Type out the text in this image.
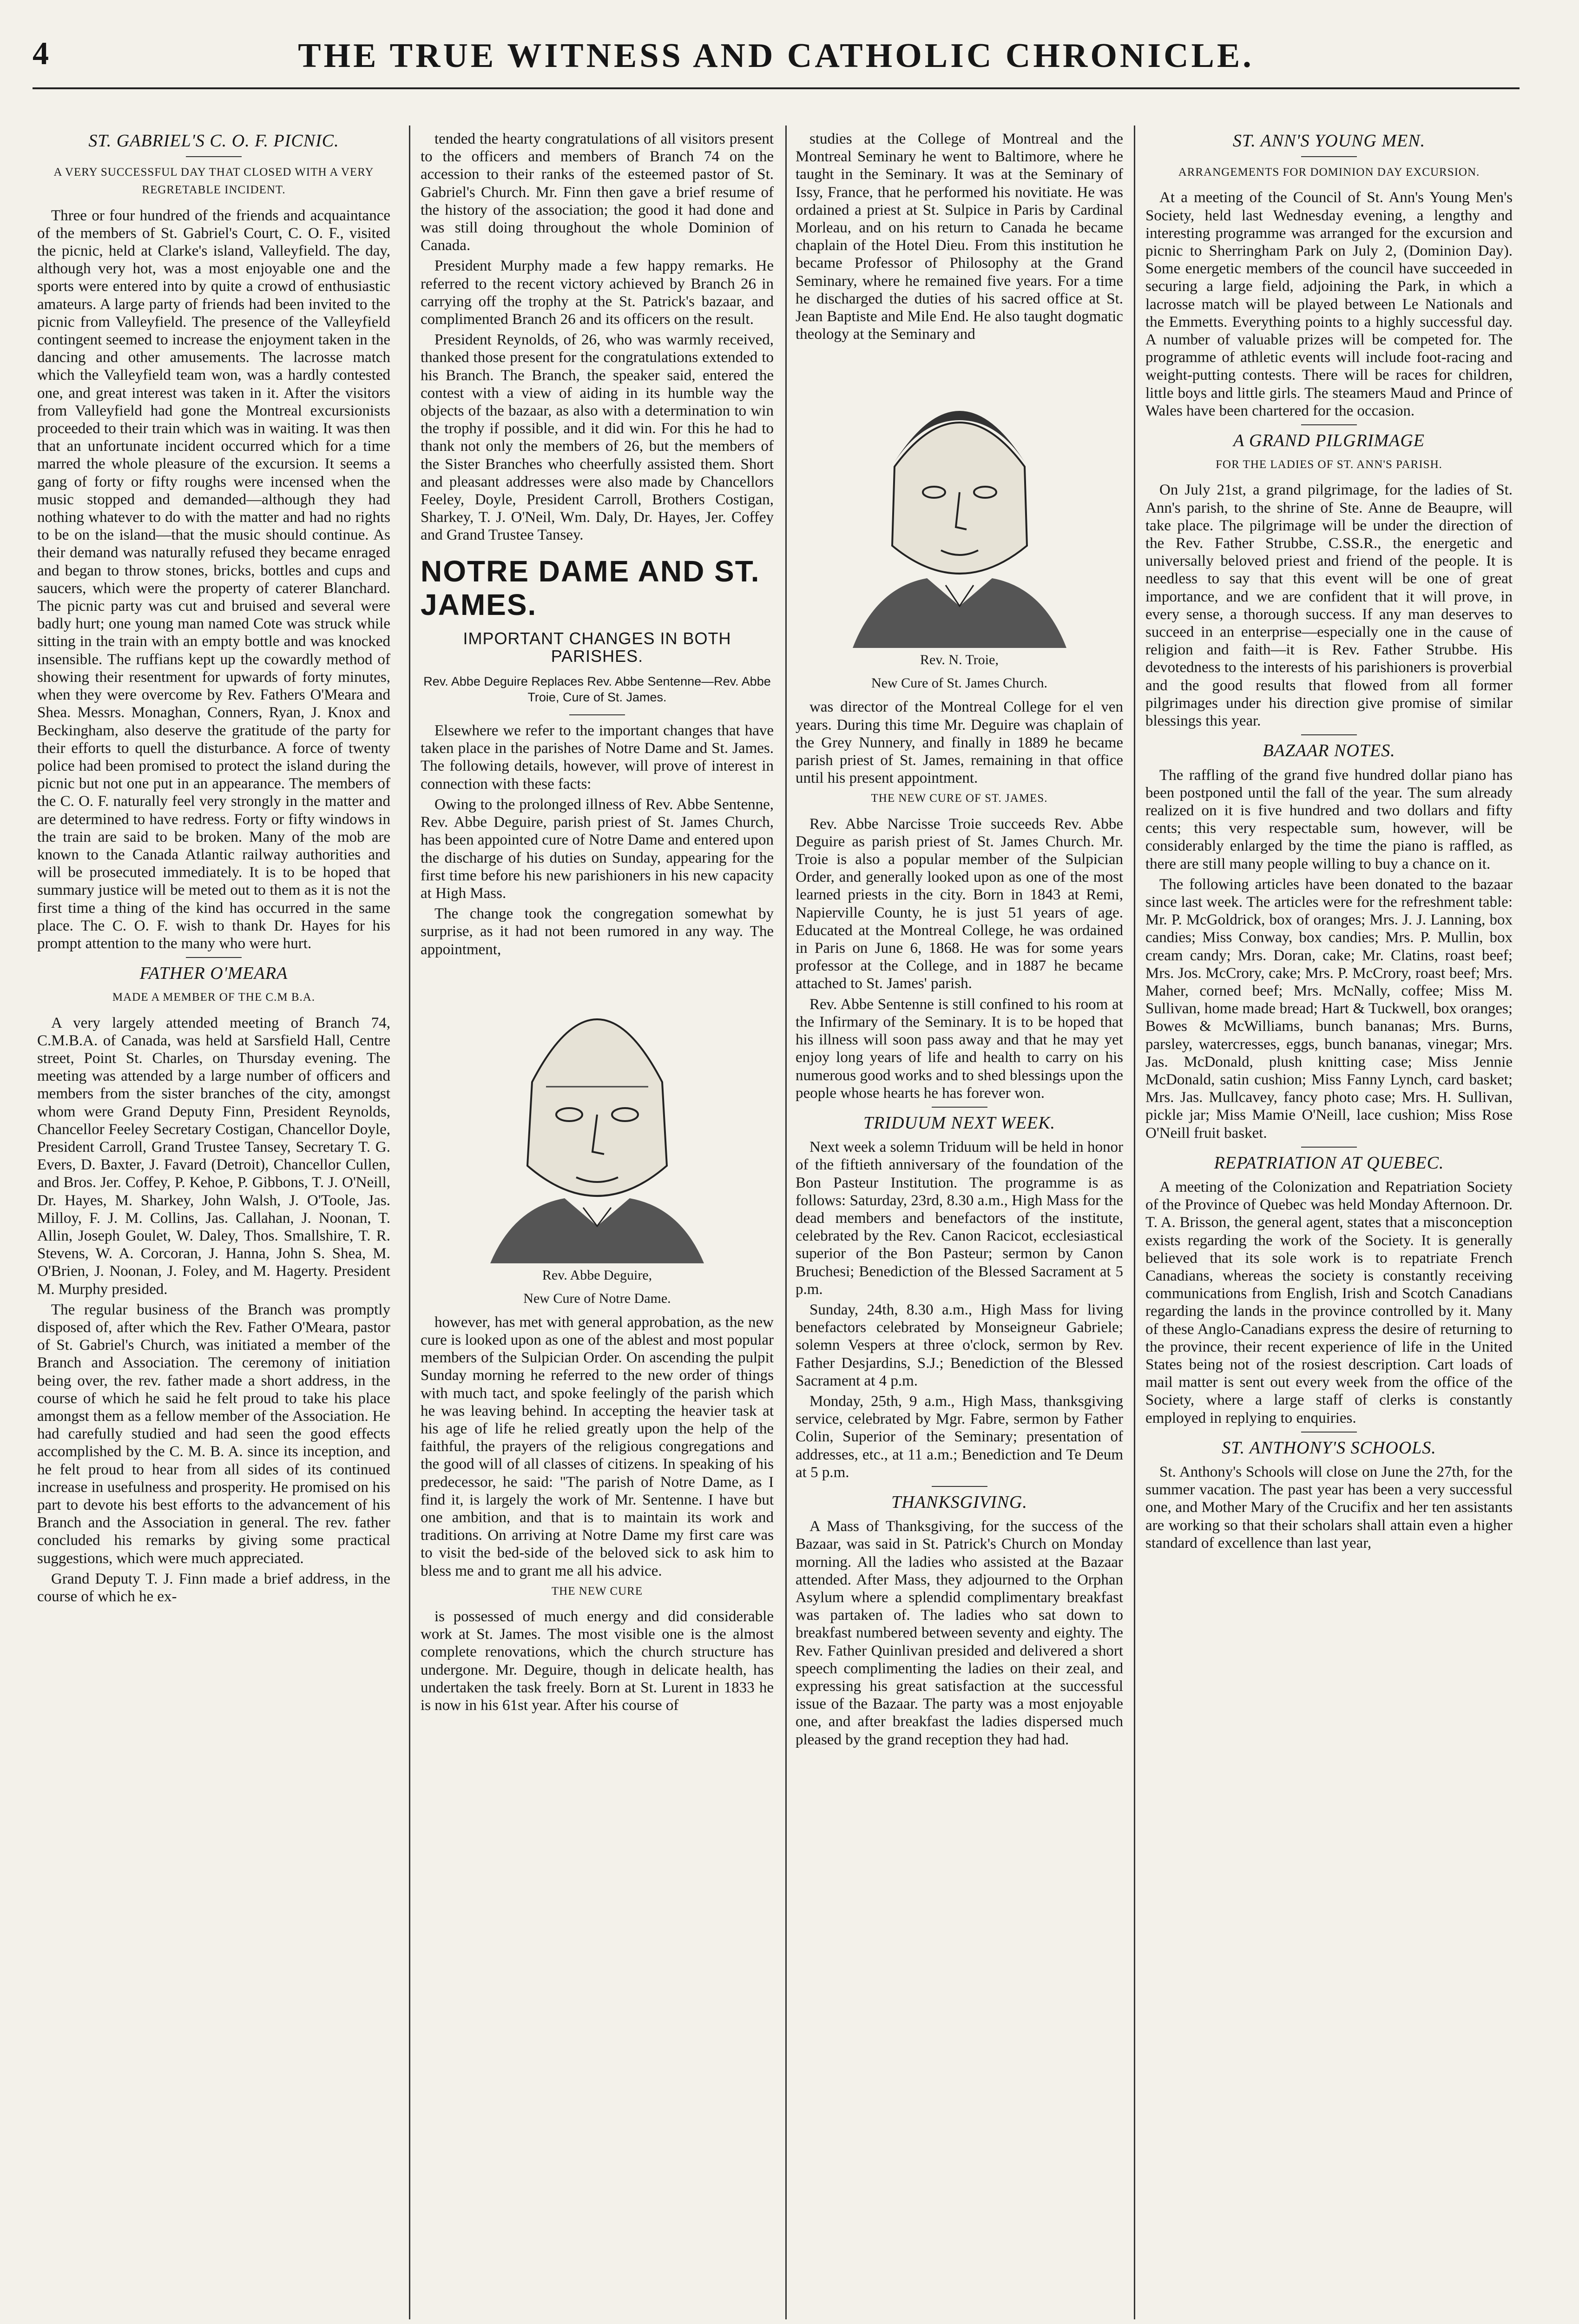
4	THE TRUE WITNESS AND CATHOLIC CHRONICLE.
ST. GABRIEL'S C. O. F. PICNIC.
A VERY SUCCESSFUL DAY THAT CLOSED WITH A VERY REGRETABLE INCIDENT.

Three or four hundred of the friends and acquaintance of the members of St. Gabriel's Court, C. O. F., visited the picnic, held at Clarke's island, Valleyfield. The day, although very hot, was a most enjoyable one and the sports were entered into by quite a crowd of enthusiastic amateurs. A large party of friends had been invited to the picnic from Valleyfield. The presence of the Valleyfield contingent seemed to increase the enjoyment taken in the dancing and other amusements. The lacrosse match which the Valleyfield team won, was a hardly contested one, and great interest was taken in it. After the visitors from Valleyfield had gone the Montreal excursionists proceeded to their train which was in waiting. It was then that an unfortunate incident occurred which for a time marred the whole pleasure of the excursion. It seems a gang of forty or fifty roughs were incensed when the music stopped and demanded—although they had nothing whatever to do with the matter and had no rights to be on the island—that the music should continue. As their demand was naturally refused they became enraged and began to throw stones, bricks, bottles and cups and saucers, which were the property of caterer Blanchard. The picnic party was cut and bruised and several were badly hurt; one young man named Cote was struck while sitting in the train with an empty bottle and was knocked insensible. The ruffians kept up the cowardly method of showing their resentment for upwards of forty minutes, when they were overcome by Rev. Fathers O'Meara and Shea. Messrs. Monaghan, Conners, Ryan, J. Knox and Beckingham, also deserve the gratitude of the party for their efforts to quell the disturbance. A force of twenty police had been promised to protect the island during the picnic but not one put in an appearance. The members of the C. O. F. naturally feel very strongly in the matter and are determined to have redress. Forty or fifty windows in the train are said to be broken. Many of the mob are known to the Canada Atlantic railway authorities and will be prosecuted immediately. It is to be hoped that summary justice will be meted out to them as it is not the first time a thing of the kind has occurred in the same place. The C. O. F. wish to thank Dr. Hayes for his prompt attention to the many who were hurt.

FATHER O'MEARA
MADE A MEMBER OF THE C.M B.A.

A very largely attended meeting of Branch 74, C.M.B.A. of Canada, was held at Sarsfield Hall, Centre street, Point St. Charles, on Thursday evening. The meeting was attended by a large number of officers and members from the sister branches of the city, amongst whom were Grand Deputy Finn, President Reynolds, Chancellor Feeley Secretary Costigan, Chancellor Doyle, President Carroll, Grand Trustee Tansey, Secretary T. G. Evers, D. Baxter, J. Favard (Detroit), Chancellor Cullen, and Bros. Jer. Coffey, P. Kehoe, P. Gibbons, T. J. O'Neill, Dr. Hayes, M. Sharkey, John Walsh, J. O'Toole, Jas. Milloy, F. J. M. Collins, Jas. Callahan, J. Noonan, T. Allin, Joseph Goulet, W. Daley, Thos. Smallshire, T. R. Stevens, W. A. Corcoran, J. Hanna, John S. Shea, M. O'Brien, J. Noonan, J. Foley, and M. Hagerty. President M. Murphy presided.

The regular business of the Branch was promptly disposed of, after which the Rev. Father O'Meara, pastor of St. Gabriel's Church, was initiated a member of the Branch and Association. The ceremony of initiation being over, the rev. father made a short address, in the course of which he said he felt proud to take his place amongst them as a fellow member of the Association. He had carefully studied and had seen the good effects accomplished by the C. M. B. A. since its inception, and he felt proud to hear from all sides of its continued increase in usefulness and prosperity. He promised on his part to devote his best efforts to the advancement of his Branch and the Association in general. The rev. father concluded his remarks by giving some practical suggestions, which were much appreciated.

Grand Deputy T. J. Finn made a brief address, in the course of which he ex-

tended the hearty congratulations of all visitors present to the officers and members of Branch 74 on the accession to their ranks of the esteemed pastor of St. Gabriel's Church. Mr. Finn then gave a brief resume of the history of the association; the good it had done and was still doing throughout the whole Dominion of Canada.

President Murphy made a few happy remarks. He referred to the recent victory achieved by Branch 26 in carrying off the trophy at the St. Patrick's bazaar, and complimented Branch 26 and its officers on the result.

President Reynolds, of 26, who was warmly received, thanked those present for the congratulations extended to his Branch. The Branch, the speaker said, entered the contest with a view of aiding in its humble way the objects of the bazaar, as also with a determination to win the trophy if possible, and it did win. For this he had to thank not only the members of 26, but the members of the Sister Branches who cheerfully assisted them. Short and pleasant addresses were also made by Chancellors Feeley, Doyle, President Carroll, Brothers Costigan, Sharkey, T. J. O'Neil, Wm. Daly, Dr. Hayes, Jer. Coffey and Grand Trustee Tansey.

NOTRE DAME AND ST. JAMES.
IMPORTANT CHANGES IN BOTH PARISHES.
Rev. Abbe Deguire Replaces Rev. Abbe Sentenne—Rev. Abbe Troie, Cure of St. James.

Elsewhere we refer to the important changes that have taken place in the parishes of Notre Dame and St. James. The following details, however, will prove of interest in connection with these facts:

Owing to the prolonged illness of Rev. Abbe Sentenne, Rev. Abbe Deguire, parish priest of St. James Church, has been appointed cure of Notre Dame and entered upon the discharge of his duties on Sunday, appearing for the first time before his new parishioners in his new capacity at High Mass.

The change took the congregation somewhat by surprise, as it had not been rumored in any way. The appointment,

Rev. Abbe Deguire,
New Cure of Notre Dame.

however, has met with general approbation, as the new cure is looked upon as one of the ablest and most popular members of the Sulpician Order. On ascending the pulpit Sunday morning he referred to the new order of things with much tact, and spoke feelingly of the parish which he was leaving behind. In accepting the heavier task at his age of life he relied greatly upon the help of the faithful, the prayers of the religious congregations and the good will of all classes of citizens. In speaking of his predecessor, he said: "The parish of Notre Dame, as I find it, is largely the work of Mr. Sentenne. I have but one ambition, and that is to maintain its work and traditions. On arriving at Notre Dame my first care was to visit the bed-side of the beloved sick to ask him to bless me and to grant me all his advice.

THE NEW CURE

is possessed of much energy and did considerable work at St. James. The most visible one is the almost complete renovations, which the church structure has undergone. Mr. Deguire, though in delicate health, has undertaken the task freely. Born at St. Lurent in 1833 he is now in his 61st year. After his course of

studies at the College of Montreal and the Montreal Seminary he went to Baltimore, where he taught in the Seminary. It was at the Seminary of Issy, France, that he performed his novitiate. He was ordained a priest at St. Sulpice in Paris by Cardinal Morleau, and on his return to Canada he became chaplain of the Hotel Dieu. From this institution he became Professor of Philosophy at the Grand Seminary, where he remained five years. For a time he discharged the duties of his sacred office at St. Jean Baptiste and Mile End. He also taught dogmatic theology at the Seminary and

Rev. N. Troie,
New Cure of St. James Church.

was director of the Montreal College for el ven years. During this time Mr. Deguire was chaplain of the Grey Nunnery, and finally in 1889 he became parish priest of St. James, remaining in that office until his present appointment.

THE NEW CURE OF ST. JAMES.

Rev. Abbe Narcisse Troie succeeds Rev. Abbe Deguire as parish priest of St. James Church. Mr. Troie is also a popular member of the Sulpician Order, and generally looked upon as one of the most learned priests in the city. Born in 1843 at Remi, Napierville County, he is just 51 years of age. Educated at the Montreal College, he was ordained in Paris on June 6, 1868. He was for some years professor at the College, and in 1887 he became attached to St. James' parish.

Rev. Abbe Sentenne is still confined to his room at the Infirmary of the Seminary. It is to be hoped that his illness will soon pass away and that he may yet enjoy long years of life and health to carry on his numerous good works and to shed blessings upon the people whose hearts he has forever won.

TRIDUUM NEXT WEEK.

Next week a solemn Triduum will be held in honor of the fiftieth anniversary of the foundation of the Bon Pasteur Institution. The programme is as follows: Saturday, 23rd, 8.30 a.m., High Mass for the dead members and benefactors of the institute, celebrated by the Rev. Canon Racicot, ecclesiastical superior of the Bon Pasteur; sermon by Canon Bruchesi; Benediction of the Blessed Sacrament at 5 p.m.

Sunday, 24th, 8.30 a.m., High Mass for living benefactors celebrated by Monseigneur Gabriele; solemn Vespers at three o'clock, sermon by Rev. Father Desjardins, S.J.; Benediction of the Blessed Sacrament at 4 p.m.

Monday, 25th, 9 a.m., High Mass, thanksgiving service, celebrated by Mgr. Fabre, sermon by Father Colin, Superior of the Seminary; presentation of addresses, etc., at 11 a.m.; Benediction and Te Deum at 5 p.m.

THANKSGIVING.

A Mass of Thanksgiving, for the success of the Bazaar, was said in St. Patrick's Church on Monday morning. All the ladies who assisted at the Bazaar attended. After Mass, they adjourned to the Orphan Asylum where a splendid complimentary breakfast was partaken of. The ladies who sat down to breakfast numbered between seventy and eighty. The Rev. Father Quinlivan presided and delivered a short speech complimenting the ladies on their zeal, and expressing his great satisfaction at the successful issue of the Bazaar. The party was a most enjoyable one, and after breakfast the ladies dispersed much pleased by the grand reception they had had.

ST. ANN'S YOUNG MEN.
ARRANGEMENTS FOR DOMINION DAY EXCURSION.

At a meeting of the Council of St. Ann's Young Men's Society, held last Wednesday evening, a lengthy and interesting programme was arranged for the excursion and picnic to Sherringham Park on July 2, (Dominion Day). Some energetic members of the council have succeeded in securing a large field, adjoining the Park, in which a lacrosse match will be played between Le Nationals and the Emmetts. Everything points to a highly successful day. A number of valuable prizes will be competed for. The programme of athletic events will include foot-racing and weight-putting contests. There will be races for children, little boys and little girls. The steamers Maud and Prince of Wales have been chartered for the occasion.

A GRAND PILGRIMAGE
FOR THE LADIES OF ST. ANN'S PARISH.

On July 21st, a grand pilgrimage, for the ladies of St. Ann's parish, to the shrine of Ste. Anne de Beaupre, will take place. The pilgrimage will be under the direction of the Rev. Father Strubbe, C.SS.R., the energetic and universally beloved priest and friend of the people. It is needless to say that this event will be one of great importance, and we are confident that it will prove, in every sense, a thorough success. If any man deserves to succeed in an enterprise—especially one in the cause of religion and faith—it is Rev. Father Strubbe. His devotedness to the interests of his parishioners is proverbial and the good results that flowed from all former pilgrimages under his direction give promise of similar blessings this year.

BAZAAR NOTES.

The raffling of the grand five hundred dollar piano has been postponed until the fall of the year. The sum already realized on it is five hundred and two dollars and fifty cents; this very respectable sum, however, will be considerably enlarged by the time the piano is raffled, as there are still many people willing to buy a chance on it.

The following articles have been donated to the bazaar since last week. The articles were for the refreshment table: Mr. P. McGoldrick, box of oranges; Mrs. J. J. Lanning, box candies; Miss Conway, box candies; Mrs. P. Mullin, box cream candy; Mrs. Doran, cake; Mr. Clatins, roast beef; Mrs. Jos. McCrory, cake; Mrs. P. McCrory, roast beef; Mrs. Maher, corned beef; Mrs. McNally, coffee; Miss M. Sullivan, home made bread; Hart & Tuckwell, box oranges; Bowes & McWilliams, bunch bananas; Mrs. Burns, parsley, watercresses, eggs, bunch bananas, vinegar; Mrs. Jas. McDonald, plush knitting case; Miss Jennie McDonald, satin cushion; Miss Fanny Lynch, card basket; Mrs. Jas. Mullcavey, fancy photo case; Mrs. H. Sullivan, pickle jar; Miss Mamie O'Neill, lace cushion; Miss Rose O'Neill fruit basket.

REPATRIATION AT QUEBEC.

A meeting of the Colonization and Repatriation Society of the Province of Quebec was held Monday Afternoon. Dr. T. A. Brisson, the general agent, states that a misconception exists regarding the work of the Society. It is generally believed that its sole work is to repatriate French Canadians, whereas the society is constantly receiving communications from English, Irish and Scotch Canadians regarding the lands in the province controlled by it. Many of these Anglo-Canadians express the desire of returning to the province, their recent experience of life in the United States being not of the rosiest description. Cart loads of mail matter is sent out every week from the office of the Society, where a large staff of clerks is constantly employed in replying to enquiries.

ST. ANTHONY'S SCHOOLS.

St. Anthony's Schools will close on June the 27th, for the summer vacation. The past year has been a very successful one, and Mother Mary of the Crucifix and her ten assistants are working so that their scholars shall attain even a higher standard of excellence than last year,
